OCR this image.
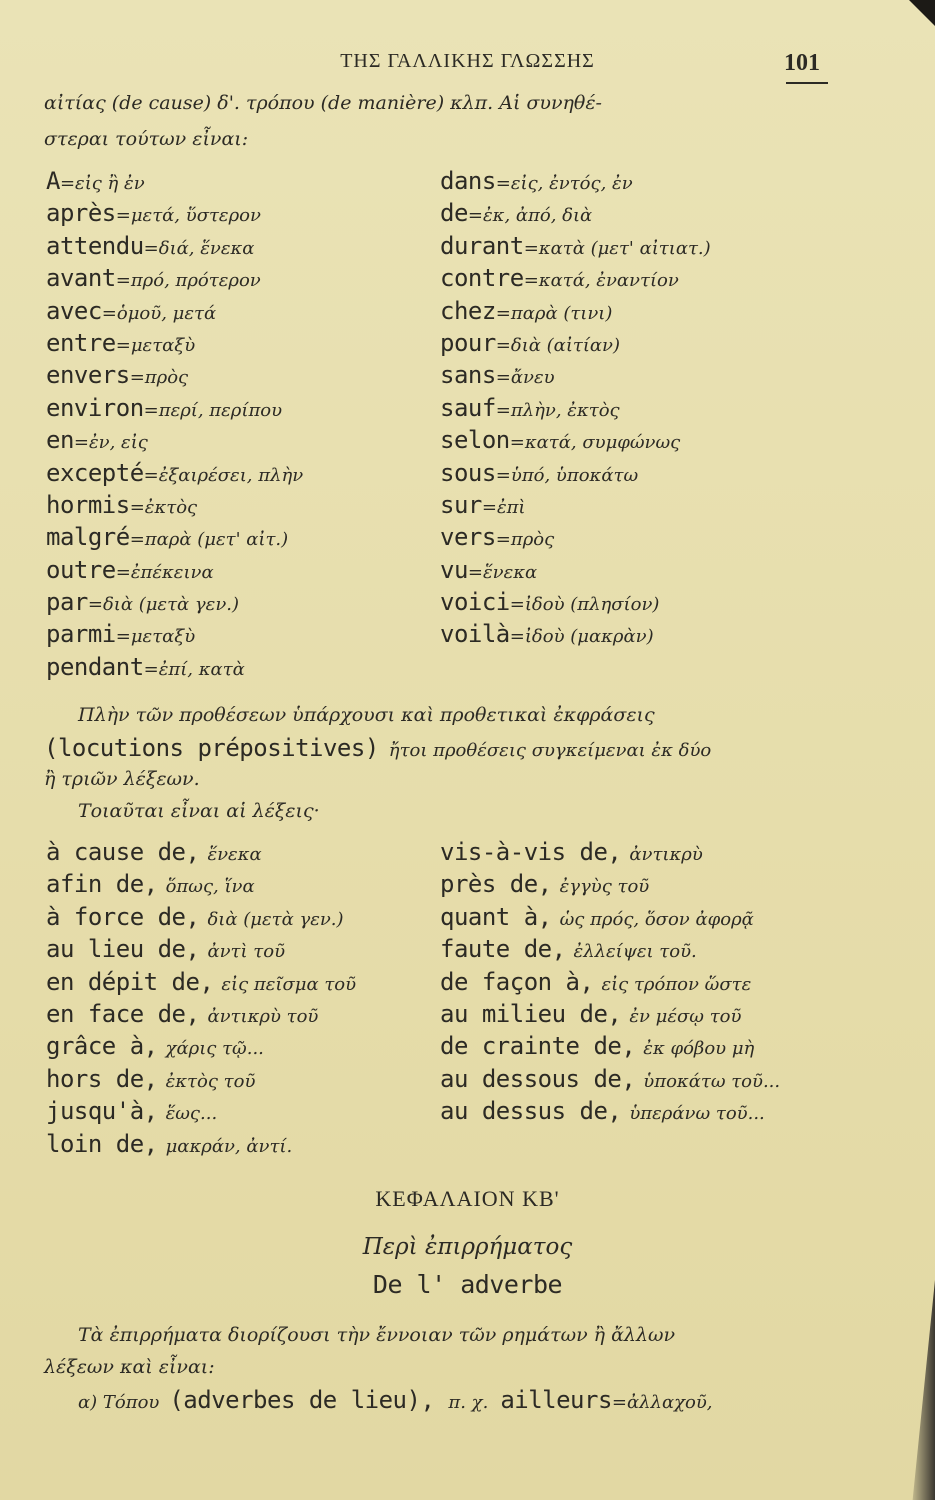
ΤΗΣ ΓΑΛΛΙΚΗΣ ΓΛΩΣΣΗΣ	101
αἰτίας (de cause) δ'. τρόπου (de manière) κλπ. Αἱ συνηθέ-
στεραι τούτων εἶναι:
A=εἰς ἢ ἐν
après=μετά, ὕστερον
attendu=διά, ἕνεκα
avant=πρό, πρότερον
avec=ὁμοῦ, μετά
entre=μεταξὺ
envers=πρὸς
environ=περί, περίπου
en=ἐν, εἰς
excepté=ἐξαιρέσει, πλὴν
hormis=ἐκτὸς
malgré=παρὰ (μετ' αἰτ.)
outre=ἐπέκεινα
par=διὰ (μετὰ γεν.)
parmi=μεταξὺ
pendant=ἐπί, κατὰ
dans=εἰς, ἐντός, ἐν
de=ἐκ, ἀπό, διὰ
durant=κατὰ (μετ' αἰτιατ.)
contre=κατά, ἐναντίον
chez=παρὰ (τινι)
pour=διὰ (αἰτίαν)
sans=ἄνευ
sauf=πλὴν, ἐκτὸς
selon=κατά, συμφώνως
sous=ὑπό, ὑποκάτω
sur=ἐπὶ
vers=πρὸς
vu=ἕνεκα
voici=ἰδοὺ (πλησίον)
voilà=ἰδοὺ (μακρὰν)
Πλὴν τῶν προθέσεων ὑπάρχουσι καὶ προθετικαὶ ἐκφράσεις
(locutions prépositives) ἤτοι προθέσεις συγκείμεναι ἐκ δύο
ἢ τριῶν λέξεων.
Τοιαῦται εἶναι αἱ λέξεις·
à cause de, ἕνεκα
afin de, ὅπως, ἵνα
à force de, διὰ (μετὰ γεν.)
au lieu de, ἀντὶ τοῦ
en dépit de, εἰς πεῖσμα τοῦ
en face de, ἀντικρὺ τοῦ
grâce à, χάρις τῷ...
hors de, ἐκτὸς τοῦ
jusqu'à, ἕως...
loin de, μακράν, ἀντί.
vis-à-vis de, ἀντικρὺ
près de, ἐγγὺς τοῦ
quant à, ὡς πρός, ὅσον ἀφορᾷ
faute de, ἐλλείψει τοῦ.
de façon à, εἰς τρόπον ὥστε
au milieu de, ἐν μέσῳ τοῦ
de crainte de, ἐκ φόβου μὴ
au dessous de, ὑποκάτω τοῦ...
au dessus de, ὑπεράνω τοῦ...
ΚΕΦΑΛΑΙΟΝ ΚΒ'
Περὶ ἐπιρρήματος
De l' adverbe
Τὰ ἐπιρρήματα διορίζουσι τὴν ἔννοιαν τῶν ρημάτων ἢ ἄλλων
λέξεων καὶ εἶναι:
α) Τόπου (adverbes de lieu), π. χ. ailleurs=ἀλλαχοῦ,
